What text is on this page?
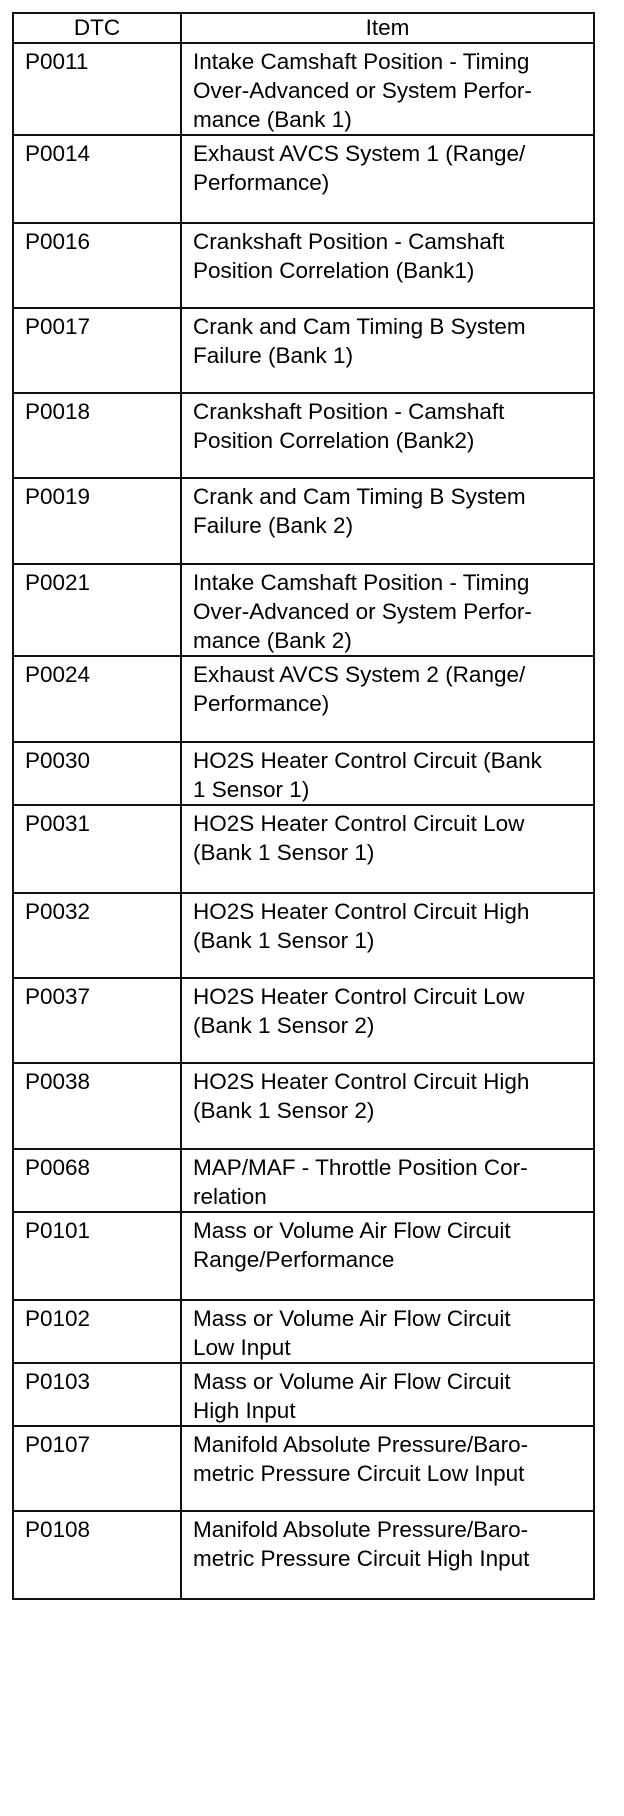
DTC	Item
P0011	Intake Camshaft Position - Timing
Over-Advanced or System Perfor-
mance (Bank 1)
P0014	Exhaust AVCS System 1 (Range/
Performance)
P0016	Crankshaft Position - Camshaft
Position Correlation (Bank1)
P0017	Crank and Cam Timing B System
Failure (Bank 1)
P0018	Crankshaft Position - Camshaft
Position Correlation (Bank2)
P0019	Crank and Cam Timing B System
Failure (Bank 2)
P0021	Intake Camshaft Position - Timing
Over-Advanced or System Perfor-
mance (Bank 2)
P0024	Exhaust AVCS System 2 (Range/
Performance)
P0030	HO2S Heater Control Circuit (Bank
1 Sensor 1)
P0031	HO2S Heater Control Circuit Low
(Bank 1 Sensor 1)
P0032	HO2S Heater Control Circuit High
(Bank 1 Sensor 1)
P0037	HO2S Heater Control Circuit Low
(Bank 1 Sensor 2)
P0038	HO2S Heater Control Circuit High
(Bank 1 Sensor 2)
P0068	MAP/MAF - Throttle Position Cor-
relation
P0101	Mass or Volume Air Flow Circuit
Range/Performance
P0102	Mass or Volume Air Flow Circuit
Low Input
P0103	Mass or Volume Air Flow Circuit
High Input
P0107	Manifold Absolute Pressure/Baro-
metric Pressure Circuit Low Input
P0108	Manifold Absolute Pressure/Baro-
metric Pressure Circuit High Input
